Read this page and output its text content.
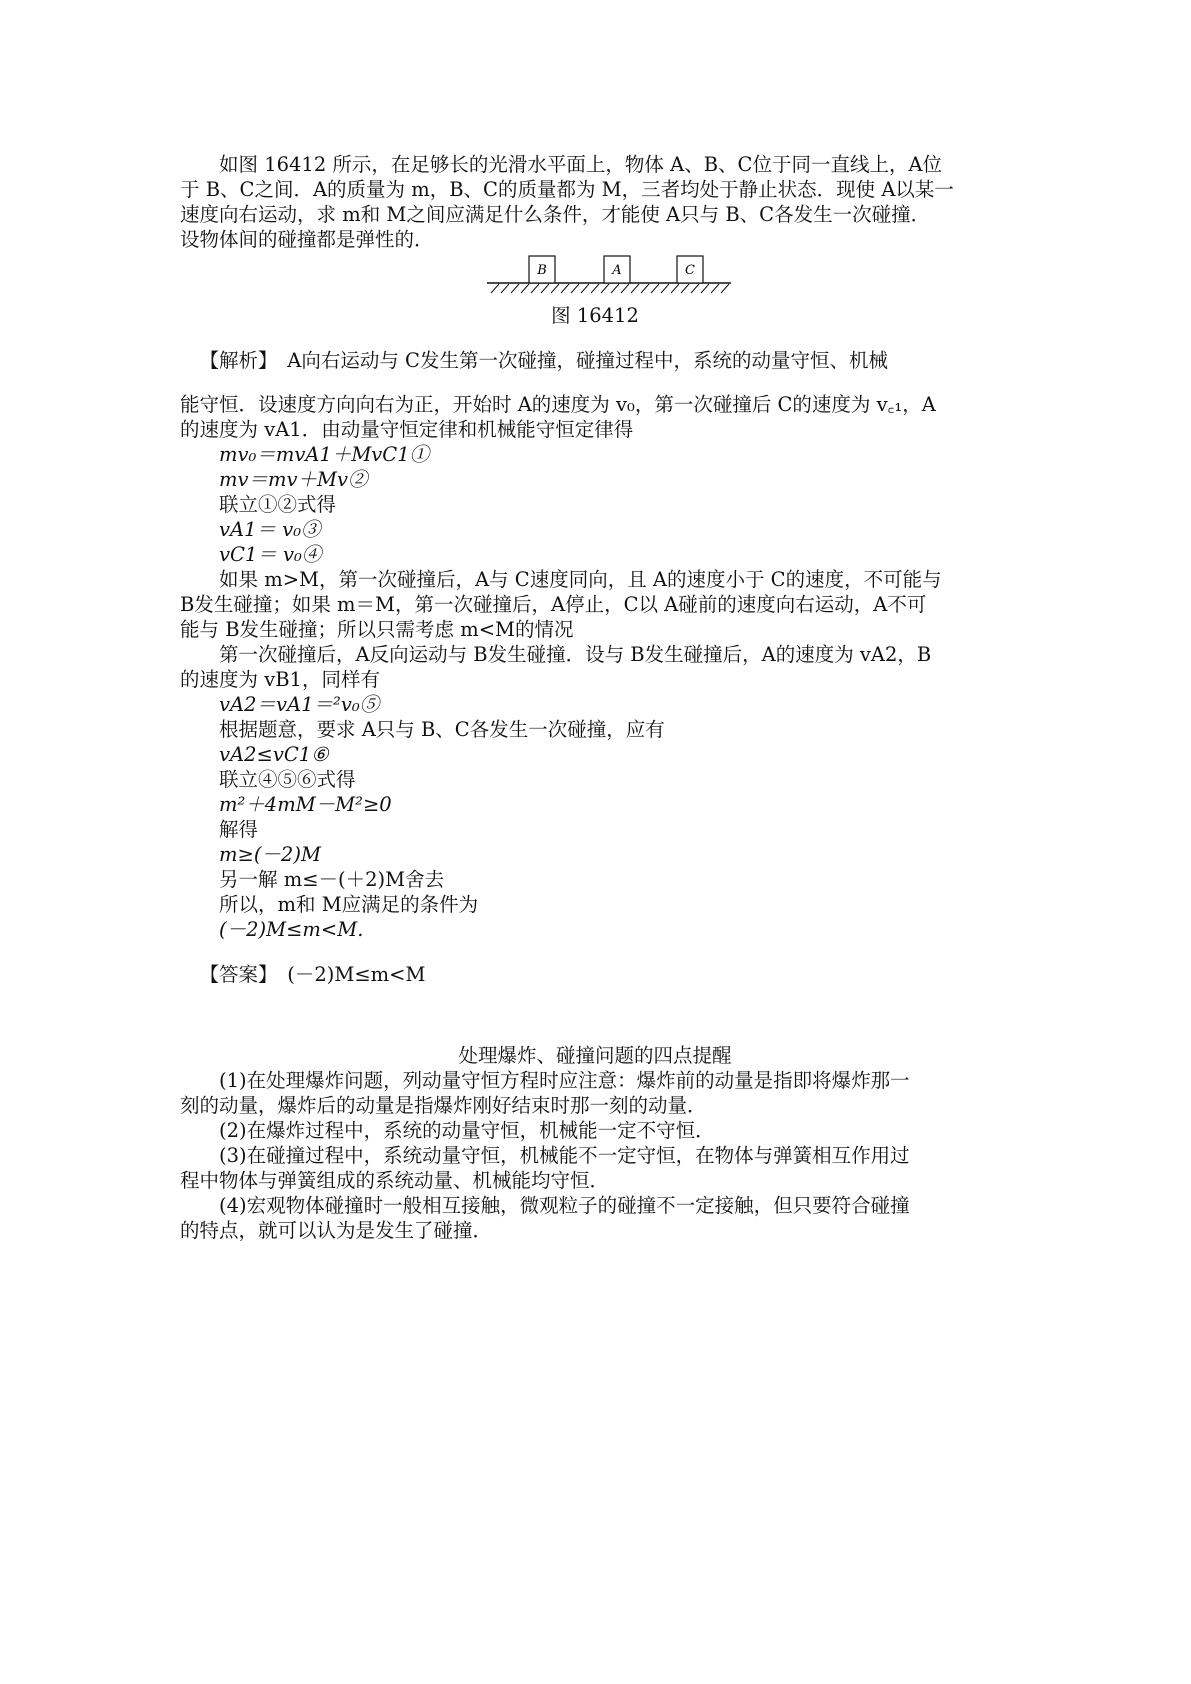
如图 16412 所示，在足够长的光滑水平面上，物体 A、B、C位于同一直线上，A位

于 B、C之间．A的质量为 m，B、C的质量都为 M，三者均处于静止状态．现使 A以某一

速度向右运动，求 m和 M之间应满足什么条件，才能使 A只与 B、C各发生一次碰撞．

设物体间的碰撞都是弹性的．

B	A	C

图 16412

【解析】　A向右运动与 C发生第一次碰撞，碰撞过程中，系统的动量守恒、机械

能守恒．设速度方向向右为正，开始时 A的速度为 v₀，第一次碰撞后 C的速度为 v꜀₁，A

的速度为 vA1．由动量守恒定律和机械能守恒定律得

mv₀＝mvA1＋MvC1①

mv＝mv＋Mv②

联立①②式得

vA1＝ v₀③

vC1＝ v₀④

如果 m>M，第一次碰撞后，A与 C速度同向，且 A的速度小于 C的速度，不可能与

B发生碰撞；如果 m＝M，第一次碰撞后，A停止，C以 A碰前的速度向右运动，A不可

能与 B发生碰撞；所以只需考虑 m<M的情况

第一次碰撞后，A反向运动与 B发生碰撞．设与 B发生碰撞后，A的速度为 vA2，B

的速度为 vB1，同样有

vA2＝vA1＝²v₀⑤

根据题意，要求 A只与 B、C各发生一次碰撞，应有

vA2≤vC1⑥

联立④⑤⑥式得

m²＋4mM－M²≥0

解得

m≥(－2)M

另一解 m≤－(＋2)M舍去

所以，m和 M应满足的条件为

(－2)M≤m<M.

【答案】　(－2)M≤m<M

处理爆炸、碰撞问题的四点提醒

(1)在处理爆炸问题，列动量守恒方程时应注意：爆炸前的动量是指即将爆炸那一

刻的动量，爆炸后的动量是指爆炸刚好结束时那一刻的动量．

(2)在爆炸过程中，系统的动量守恒，机械能一定不守恒．

(3)在碰撞过程中，系统动量守恒，机械能不一定守恒，在物体与弹簧相互作用过

程中物体与弹簧组成的系统动量、机械能均守恒．

(4)宏观物体碰撞时一般相互接触，微观粒子的碰撞不一定接触，但只要符合碰撞

的特点，就可以认为是发生了碰撞．
